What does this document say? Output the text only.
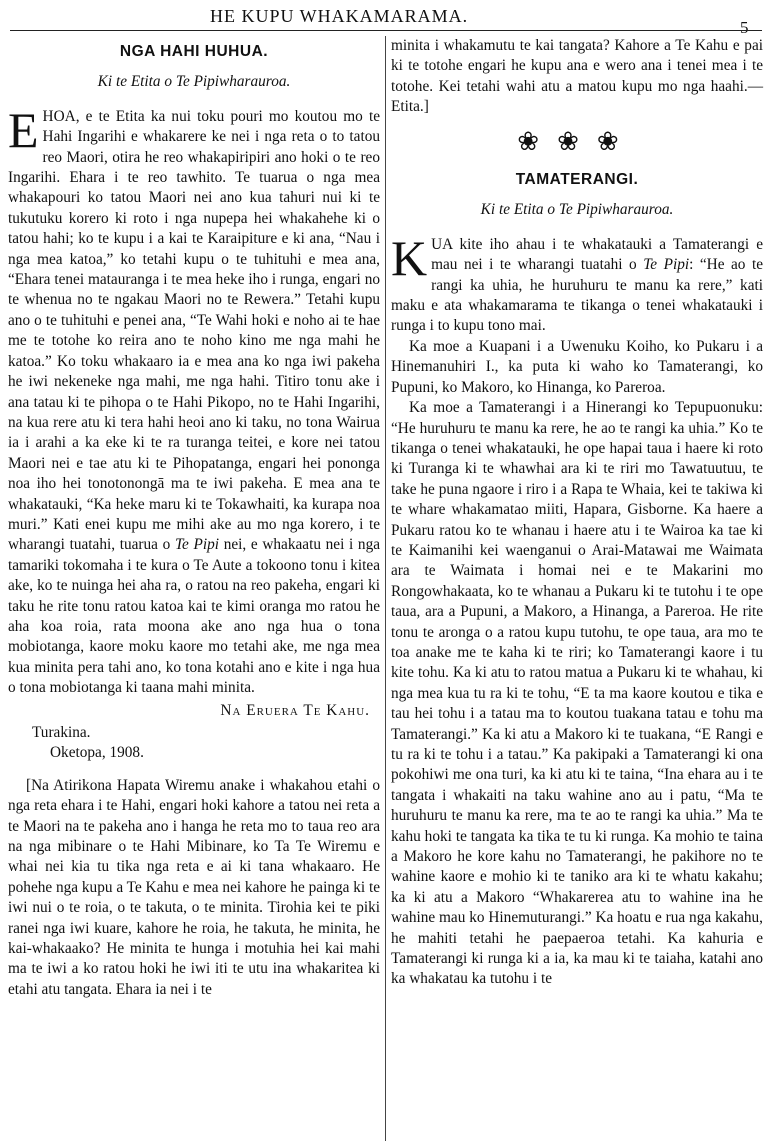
HE KUPU WHAKAMARAMA.
5
NGA HAHI HUHUA.
Ki te Etita o Te Pipiwharauroa.

EHOA, e te Etita ka nui toku pouri mo koutou mo te Hahi Ingarihi e whakarere ke nei i nga reta o to tatou reo Maori, otira he reo whakapiripiri ano hoki o te reo Ingarihi. Ehara i te reo tawhito. Te tuarua o nga mea whakapouri ko tatou Maori nei ano kua tahuri nui ki te tukutuku korero ki roto i nga nupepa hei whakahehe ki o tatou hahi; ko te kupu i a kai te Karaipiture e ki ana, “Nau i nga mea katoa,” ko tetahi kupu o te tuhituhi e mea ana, “Ehara tenei matauranga i te mea heke iho i runga, engari no te whenua no te ngakau Maori no te Rewera.” Tetahi kupu ano o te tuhituhi e penei ana, “Te Wahi hoki e noho ai te hae me te totohe ko reira ano te noho kino me nga mahi he katoa.” Ko toku whakaaro ia e mea ana ko nga iwi pakeha he iwi nekeneke nga mahi, me nga hahi. Titiro tonu ake i ana tatau ki te pihopa o te Hahi Pikopo, no te Hahi Ingarihi, na kua rere atu ki tera hahi heoi ano ki taku, no tona Wairua ia i arahi a ka eke ki te ra turanga teitei, e kore nei tatou Maori nei e tae atu ki te Pihopatanga, engari hei pononga noa iho hei tonotonongā ma te iwi pakeha. E mea ana te whakatauki, “Ka heke maru ki te Tokawhaiti, ka kurapa noa muri.” Kati enei kupu me mihi ake au mo nga korero, i te wharangi tuatahi, tuarua o Te Pipi nei, e whakaatu nei i nga tamariki tokomaha i te kura o Te Aute a tokoono tonu i kitea ake, ko te nuinga hei aha ra, o ratou na reo pakeha, engari ki taku he rite tonu ratou katoa kai te kimi oranga mo ratou he aha koa roia, rata moona ake ano nga hua o tona mobiotanga, kaore moku kaore mo tetahi ake, me nga mea kua minita pera tahi ano, ko tona kotahi ano e kite i nga hua o tona mobiotanga ki taana mahi minita.

Na Eruera Te Kahu.

Turakina.

Oketopa, 1908.

[Na Atirikona Hapata Wiremu anake i whakahou etahi o nga reta ehara i te Hahi, engari hoki kahore a tatou nei reta a te Maori na te pakeha ano i hanga he reta mo to taua reo ara na nga mibinare o te Hahi Mibinare, ko Ta Te Wiremu e whai nei kia tu tika nga reta e ai ki tana whakaaro. He pohehe nga kupu a Te Kahu e mea nei kahore he painga ki te iwi nui o te roia, o te takuta, o te minita. Tirohia kei te piki ranei nga iwi kuare, kahore he roia, he takuta, he minita, he kai-whakaako? He minita te hunga i motuhia hei kai mahi ma te iwi a ko ratou hoki he iwi iti te utu ina whakaritea ki etahi atu tangata. Ehara ia nei i te

minita i whakamutu te kai tangata? Kahore a Te Kahu e pai ki te totohe engari he kupu ana e wero ana i tenei mea i te totohe. Kei tetahi wahi atu a matou kupu mo nga haahi.—Etita.]

❀❀❀
TAMATERANGI.
Ki te Etita o Te Pipiwharauroa.

KUA kite iho ahau i te whakatauki a Tamaterangi e mau nei i te wharangi tuatahi o Te Pipi: “He ao te rangi ka uhia, he huruhuru te manu ka rere,” kati maku e ata whakamarama te tikanga o tenei whakatauki i runga i to kupu tono mai.

Ka moe a Kuapani i a Uwenuku Koiho, ko Pukaru i a Hinemanuhiri I., ka puta ki waho ko Tamaterangi, ko Pupuni, ko Makoro, ko Hinanga, ko Pareroa.

Ka moe a Tamaterangi i a Hinerangi ko Tepupuonuku: “He huruhuru te manu ka rere, he ao te rangi ka uhia.” Ko te tikanga o tenei whakatauki, he ope hapai taua i haere ki roto ki Turanga ki te whawhai ara ki te riri mo Tawatuutuu, te take he puna ngaore i riro i a Rapa te Whaia, kei te takiwa ki te whare whakamatao miiti, Hapara, Gisborne. Ka haere a Pukaru ratou ko te whanau i haere atu i te Wairoa ka tae ki te Kaimanihi kei waenganui o Arai-Matawai me Waimata ara te Waimata i homai nei e te Makarini mo Rongowhakaata, ko te whanau a Pukaru ki te tutohu i te ope taua, ara a Pupuni, a Makoro, a Hinanga, a Pareroa. He rite tonu te aronga o a ratou kupu tutohu, te ope taua, ara mo te toa anake me te kaha ki te riri; ko Tamaterangi kaore i tu kite tohu. Ka ki atu to ratou matua a Pukaru ki te whahau, ki nga mea kua tu ra ki te tohu, “E ta ma kaore koutou e tika e tau hei tohu i a tatau ma to koutou tuakana tatau e tohu ma Tamaterangi.” Ka ki atu a Makoro ki te tuakana, “E Rangi e tu ra ki te tohu i a tatau.” Ka pakipaki a Tamaterangi ki ona pokohiwi me ona turi, ka ki atu ki te taina, “Ina ehara au i te tangata i whakaiti na taku wahine ano au i patu, “Ma te huruhuru te manu ka rere, ma te ao te rangi ka uhia.” Ma te kahu hoki te tangata ka tika te tu ki runga. Ka mohio te taina a Makoro he kore kahu no Tamaterangi, he pakihore no te wahine kaore e mohio ki te taniko ara ki te whatu kakahu; ka ki atu a Makoro “Whakarerea atu to wahine ina he wahine mau ko Hinemuturangi.” Ka hoatu e rua nga kakahu, he mahiti tetahi he paepaeroa tetahi. Ka kahuria e Tamaterangi ki runga ki a ia, ka mau ki te taiaha, katahi ano ka whakatau ka tutohu i te
